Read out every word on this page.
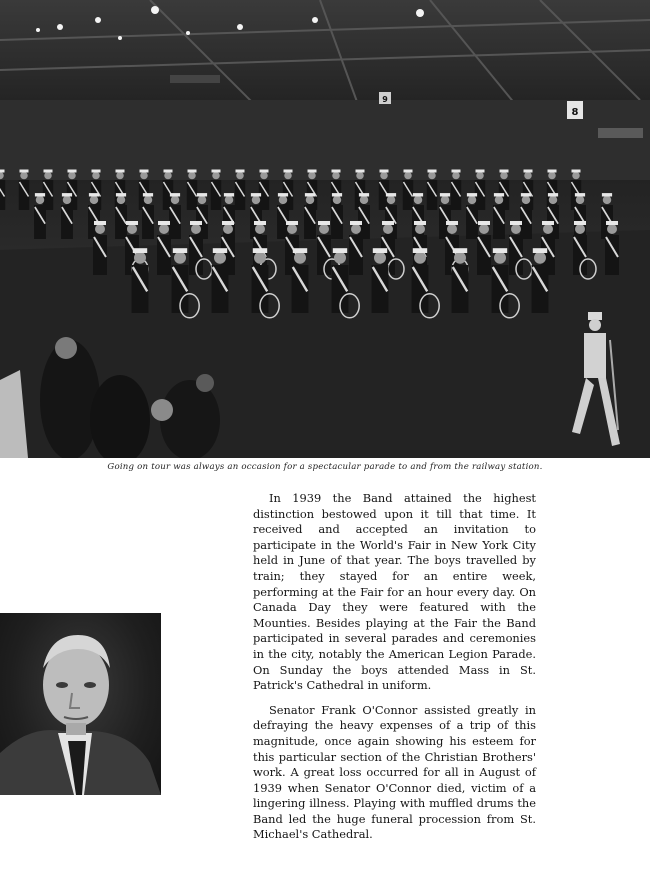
8
9
Going on tour was always an occasion for a spectacular parade to and from the railway station.

In 1939 the Band attained the highest distinction bestowed upon it till that time. It received and accepted an invitation to participate in the World's Fair in New York City held in June of that year. The boys travelled by train; they stayed for an entire week, performing at the Fair for an hour every day. On Canada Day they were featured with the Mounties. Besides playing at the Fair the Band participated in several parades and ceremonies in the city, notably the American Legion Parade. On Sunday the boys attended Mass in St. Patrick's Cathedral in uniform.

Senator Frank O'Connor assisted greatly in defraying the heavy expenses of a trip of this magnitude, once again showing his esteem for this particular section of the Christian Brothers' work. A great loss occurred for all in August of 1939 when Senator O'Connor died, victim of a lingering illness. Playing with muffled drums the Band led the huge funeral procession from St. Michael's Cathedral.
